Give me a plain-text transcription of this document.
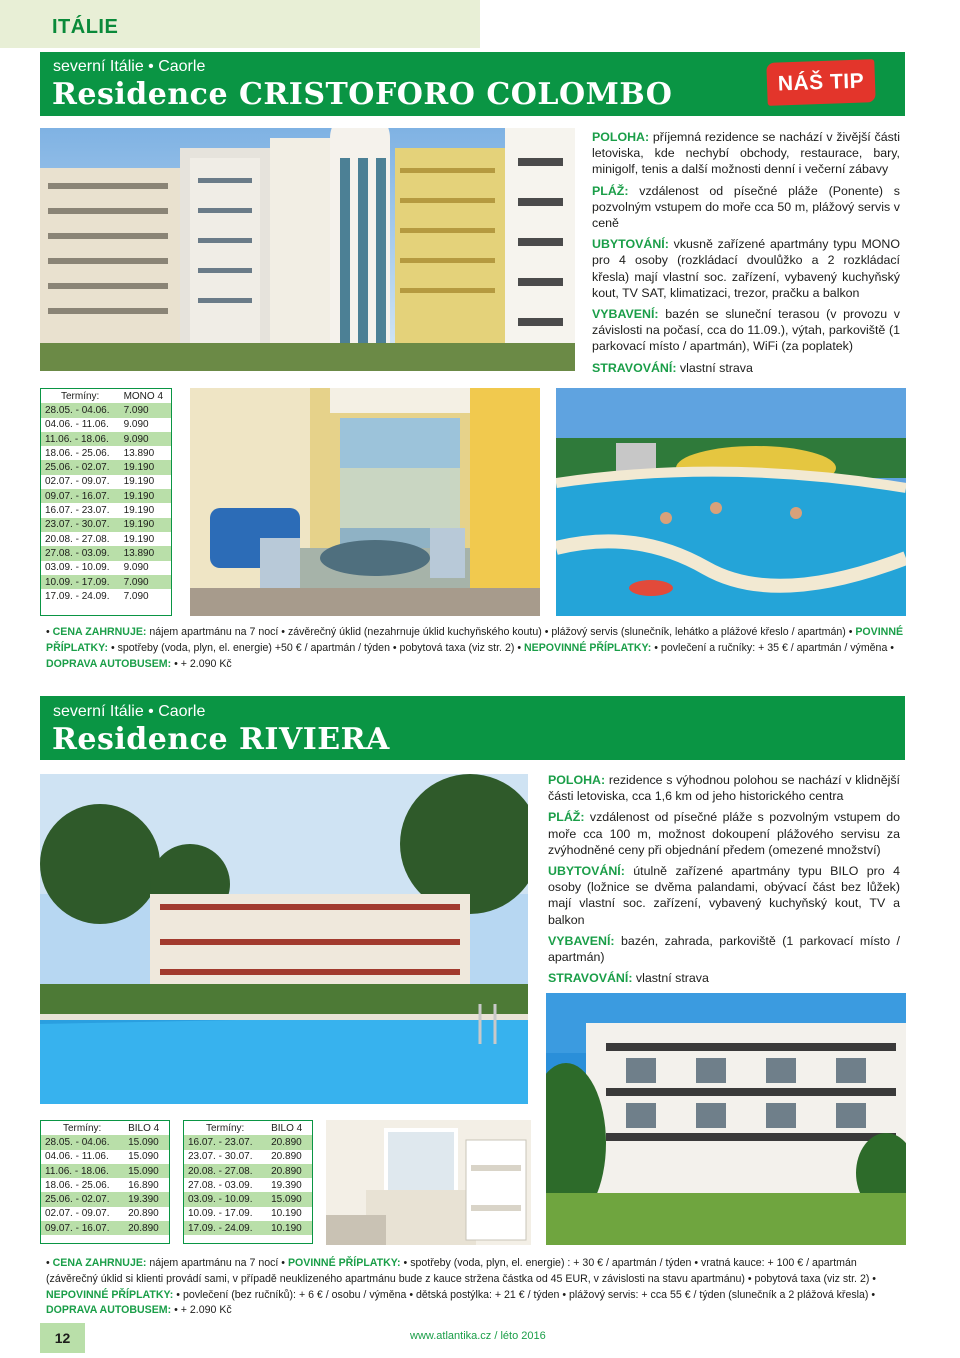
ITÁLIE
severní Itálie • Caorle
Residence CRISTOFORO COLOMBO	NÁŠ TIP

POLOHA: příjemná rezidence se nachází v živější části letoviska, kde nechybí obchody, restaurace, bary, minigolf, tenis a další možnosti denní i večerní zábavy

PLÁŽ: vzdálenost od písečné pláže (Ponente) s pozvolným vstupem do moře cca 50 m, plážový servis v ceně

UBYTOVÁNÍ: vkusně zařízené apartmány typu MONO pro 4 osoby (rozkládací dvoulůžko a 2 rozkládací křesla) mají vlastní soc. zařízení, vybavený kuchyňský kout, TV SAT, klimatizaci, trezor, pračku a balkon

VYBAVENÍ: bazén se sluneční terasou (v provozu v závislosti na počasí, cca do 11.09.), výtah, parkoviště (1 parkovací místo / apartmán), WiFi (za poplatek)

STRAVOVÁNÍ: vlastní strava

Termíny:	MONO 4
28.05. - 04.06.	7.090
04.06. - 11.06.	9.090
11.06. - 18.06.	9.090
18.06. - 25.06.	13.890
25.06. - 02.07.	19.190
02.07. - 09.07.	19.190
09.07. - 16.07.	19.190
16.07. - 23.07.	19.190
23.07. - 30.07.	19.190
20.08. - 27.08.	19.190
27.08. - 03.09.	13.890
03.09. - 10.09.	9.090
10.09. - 17.09.	7.090
17.09. - 24.09.	7.090
• CENA ZAHRNUJE: nájem apartmánu na 7 nocí • závěrečný úklid (nezahrnuje úklid kuchyňského koutu) • plážový servis (slunečník, lehátko a plážové křeslo / apartmán) • POVINNÉ PŘÍPLATKY: • spotřeby (voda, plyn, el. energie) +50 € / apartmán / týden • pobytová taxa (viz str. 2) • NEPOVINNÉ PŘÍPLATKY: • povlečení a ručníky: + 35 € / apartmán / výměna • DOPRAVA AUTOBUSEM: • + 2.090 Kč
severní Itálie • Caorle
Residence RIVIERA

POLOHA: rezidence s výhodnou polohou se nachází v klidnější části letoviska, cca 1,6 km od jeho historického centra

PLÁŽ: vzdálenost od písečné pláže s pozvolným vstupem do moře cca 100 m, možnost dokoupení plážového servisu za zvýhodněné ceny při objednání předem (omezené množství)

UBYTOVÁNÍ: útulně zařízené apartmány typu BILO pro 4 osoby (ložnice se dvěma palandami, obývací část bez lůžek) mají vlastní soc. zařízení, vybavený kuchyňský kout, TV a balkon

VYBAVENÍ: bazén, zahrada, parkoviště (1 parkovací místo / apartmán)

STRAVOVÁNÍ: vlastní strava

Termíny:	BILO 4
28.05. - 04.06.	15.090
04.06. - 11.06.	15.090
11.06. - 18.06.	15.090
18.06. - 25.06.	16.890
25.06. - 02.07.	19.390
02.07. - 09.07.	20.890
09.07. - 16.07.	20.890
Termíny:	BILO 4
16.07. - 23.07.	20.890
23.07. - 30.07.	20.890
20.08. - 27.08.	20.890
27.08. - 03.09.	19.390
03.09. - 10.09.	15.090
10.09. - 17.09.	10.190
17.09. - 24.09.	10.190
• CENA ZAHRNUJE: nájem apartmánu na 7 nocí • POVINNÉ PŘÍPLATKY: • spotřeby (voda, plyn, el. energie) : + 30 € / apartmán / týden • vratná kauce: + 100 € / apartmán (závěrečný úklid si klienti provádí sami, v případě neuklizeného apartmánu bude z kauce stržena částka od 45 EUR, v závislosti na stavu apartmánu) • pobytová taxa (viz str. 2) • NEPOVINNÉ PŘÍPLATKY: • povlečení (bez ručníků): + 6 € / osobu / výměna • dětská postýlka: + 21 € / týden • plážový servis: + cca 55 € / týden (slunečník a 2 plážová křesla) • DOPRAVA AUTOBUSEM: • + 2.090 Kč
12	www.atlantika.cz / léto 2016
